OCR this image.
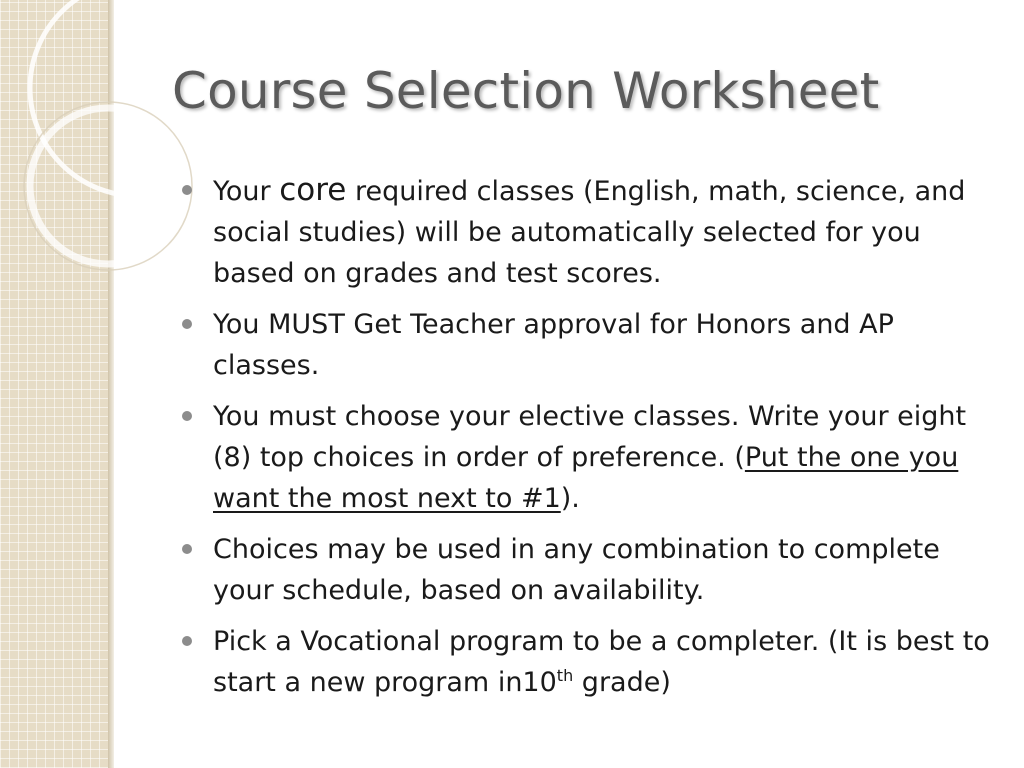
Course Selection Worksheet
Your core required classes (English, math, science, and social studies) will be automatically selected for you based on grades and test scores.
You MUST Get Teacher approval for Honors and AP classes.
You must choose your elective classes. Write your eight (8) top choices in order of preference. (Put the one you want the most next to #1).
Choices may be used in any combination to complete your schedule, based on availability.
Pick a Vocational program to be a completer. (It is best to start a new program in10th grade)
